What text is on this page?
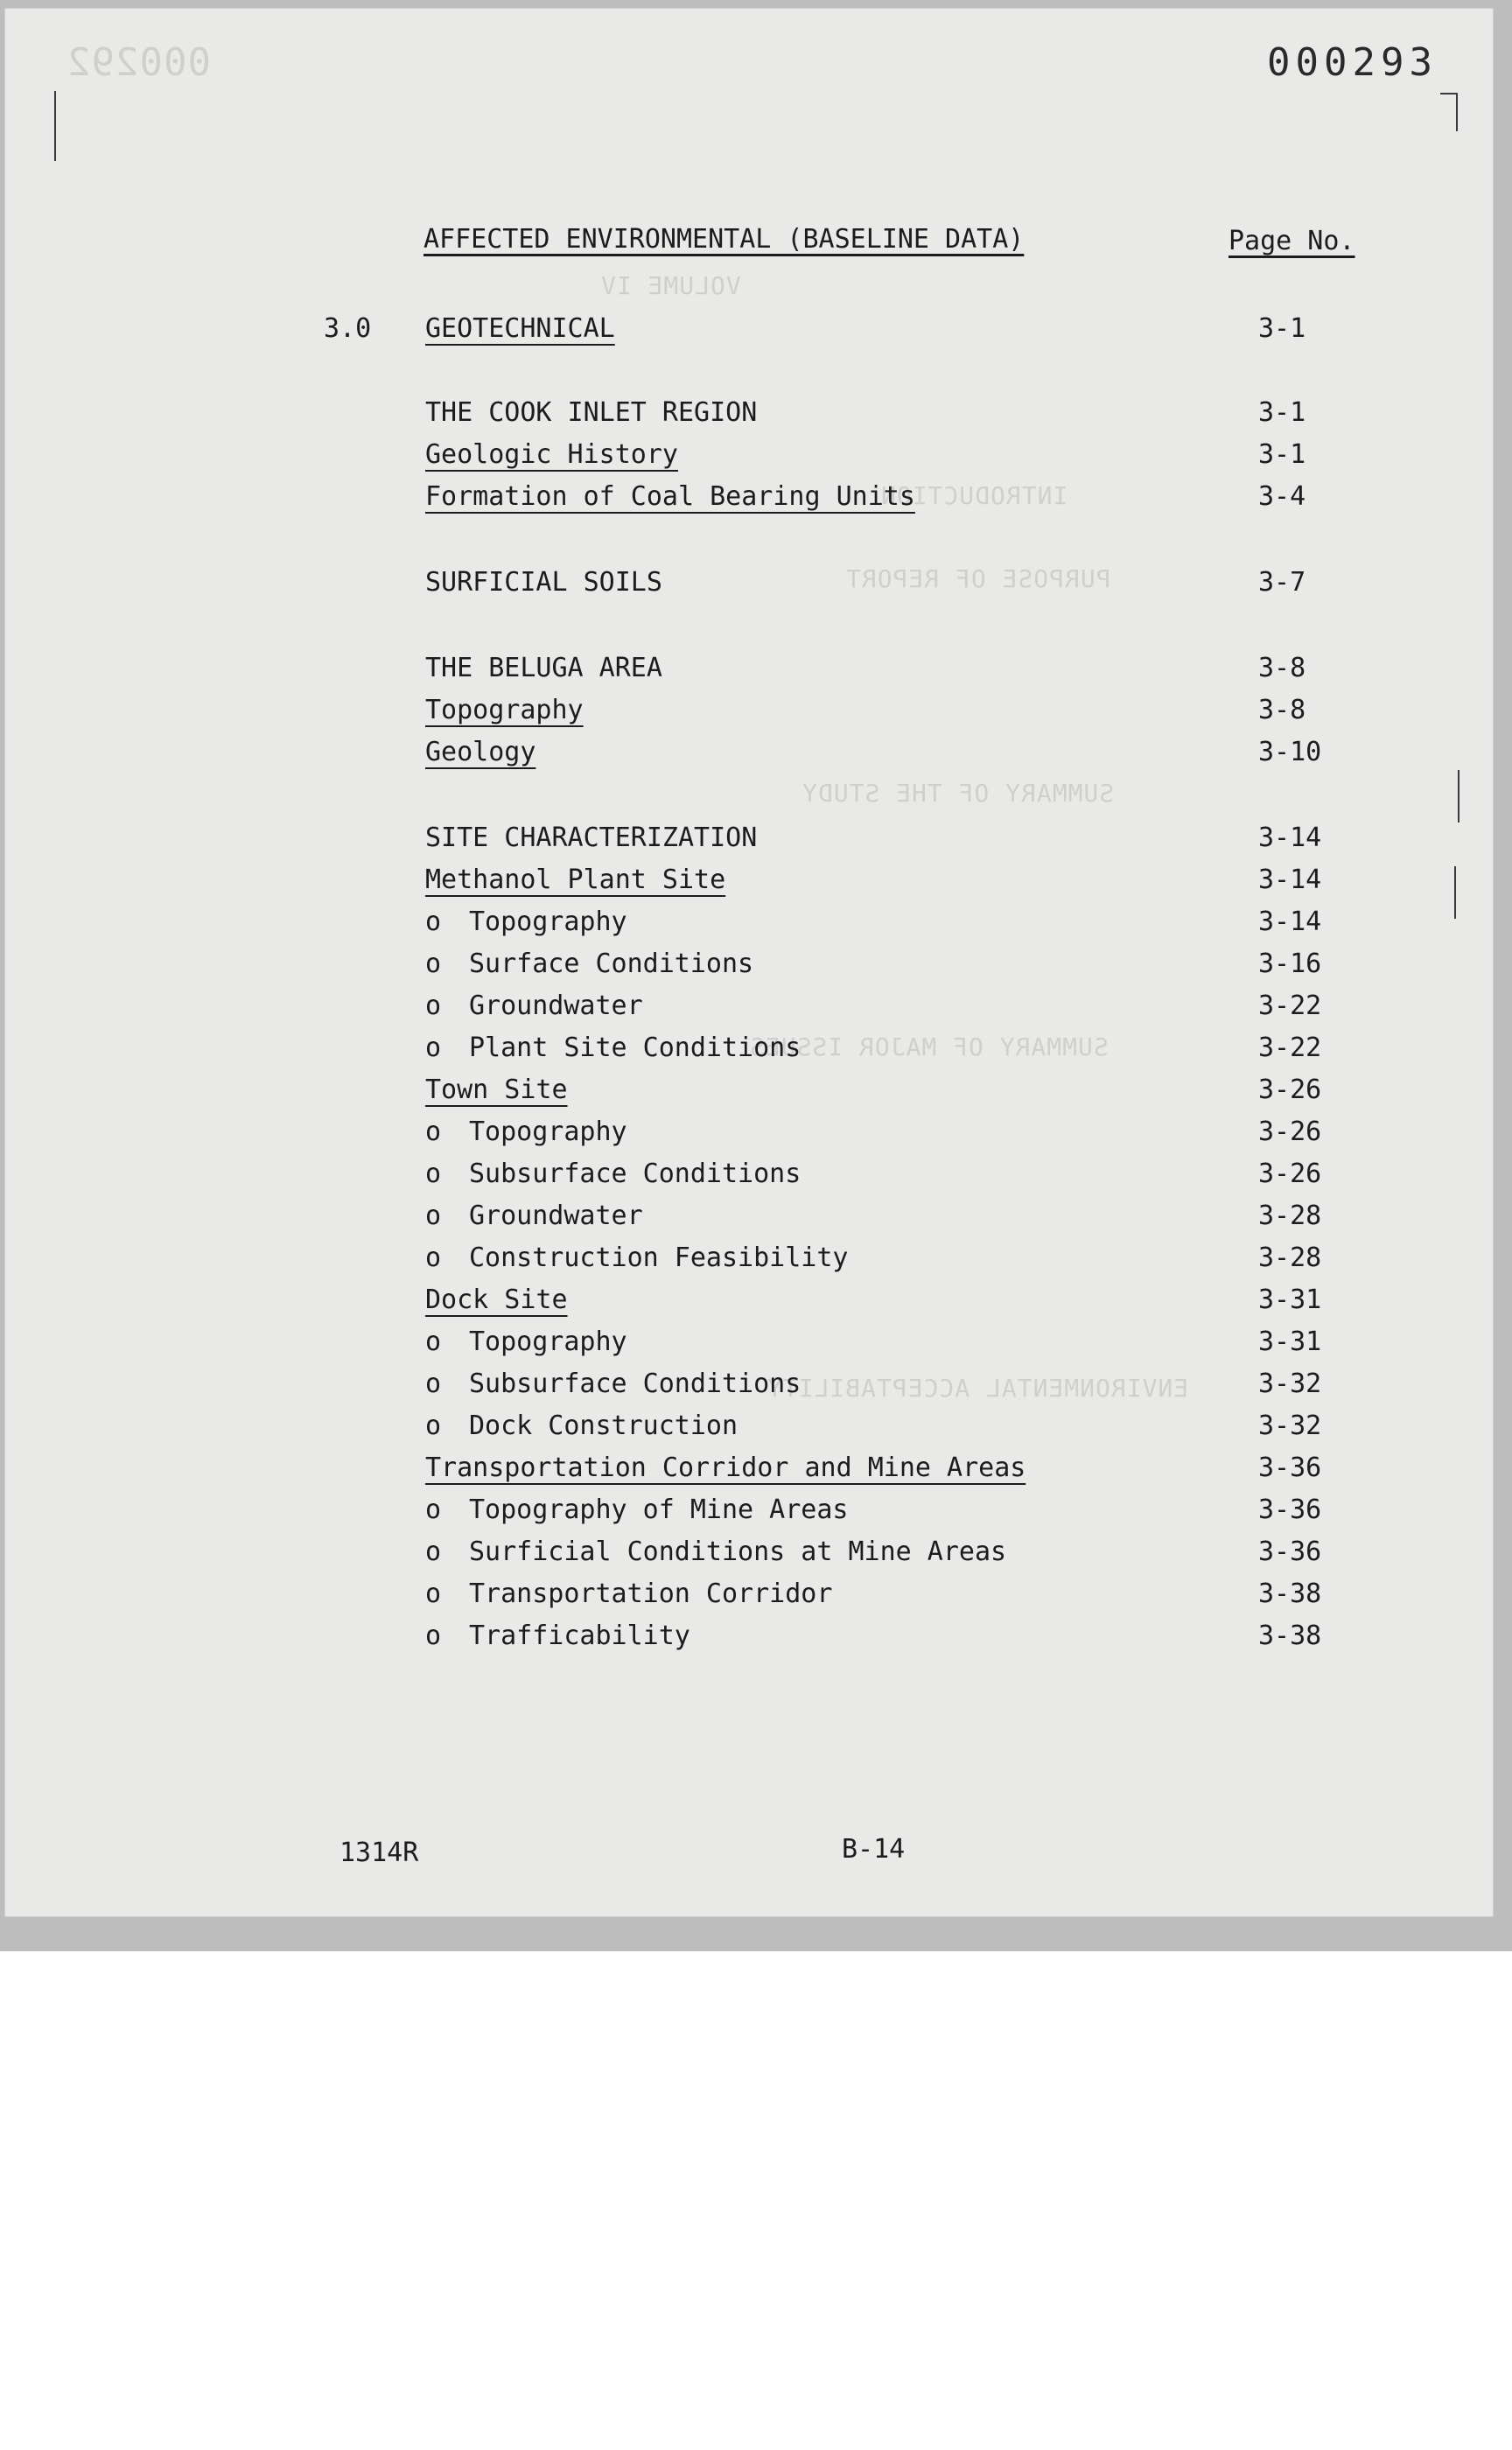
000292
VOLUME IV
INTRODUCTION
PURPOSE OF REPORT
SUMMARY OF THE STUDY
SUMMARY OF MAJOR ISSUES
ENVIRONMENTAL ACCEPTABILITY
000293
AFFECTED ENVIRONMENTAL (BASELINE DATA)	Page No.
3.0 GEOTECHNICAL	3-1
THE COOK INLET REGION	3-1
Geologic History	3-1
Formation of Coal Bearing Units	3-4
SURFICIAL SOILS	3-7
THE BELUGA AREA	3-8
Topography	3-8
Geology	3-10
SITE CHARACTERIZATION	3-14
Methanol Plant Site	3-14
o Topography	3-14
o Surface Conditions	3-16
o Groundwater	3-22
o Plant Site Conditions	3-22
Town Site	3-26
o Topography	3-26
o Subsurface Conditions	3-26
o Groundwater	3-28
o Construction Feasibility	3-28
Dock Site	3-31
o Topography	3-31
o Subsurface Conditions	3-32
o Dock Construction	3-32
Transportation Corridor and Mine Areas	3-36
o Topography of Mine Areas	3-36
o Surficial Conditions at Mine Areas	3-36
o Transportation Corridor	3-38
o Trafficability	3-38
1314R	B-14
